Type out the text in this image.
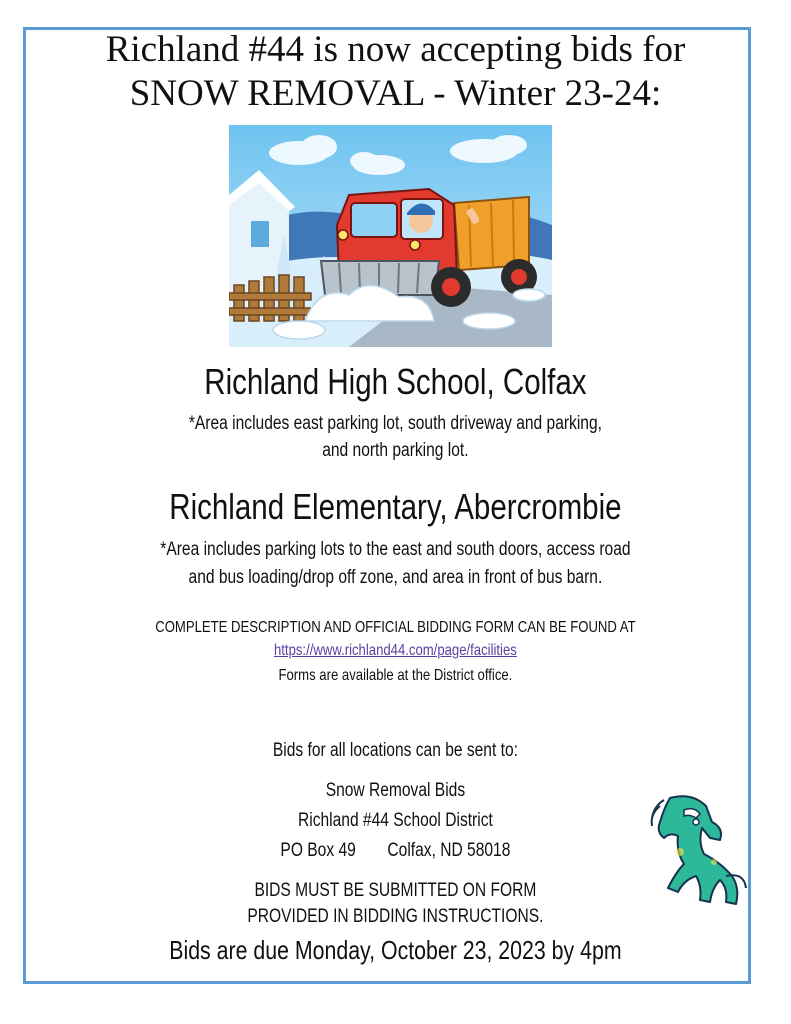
Richland #44 is now accepting bids for
SNOW REMOVAL - Winter 23-24:
Richland High School, Colfax
*Area includes east parking lot, south driveway and parking,
and north parking lot.
Richland Elementary, Abercrombie
*Area includes parking lots to the east and south doors, access road
and bus loading/drop off zone, and area in front of bus barn.
COMPLETE DESCRIPTION AND OFFICIAL BIDDING FORM CAN BE FOUND AT
https://www.richland44.com/page/facilities
Forms are available at the District office.
Bids for all locations can be sent to:
Snow Removal Bids
Richland #44 School District
PO Box 49 Colfax, ND 58018
BIDS MUST BE SUBMITTED ON FORM
PROVIDED IN BIDDING INSTRUCTIONS.
Bids are due Monday, October 23, 2023 by 4pm
